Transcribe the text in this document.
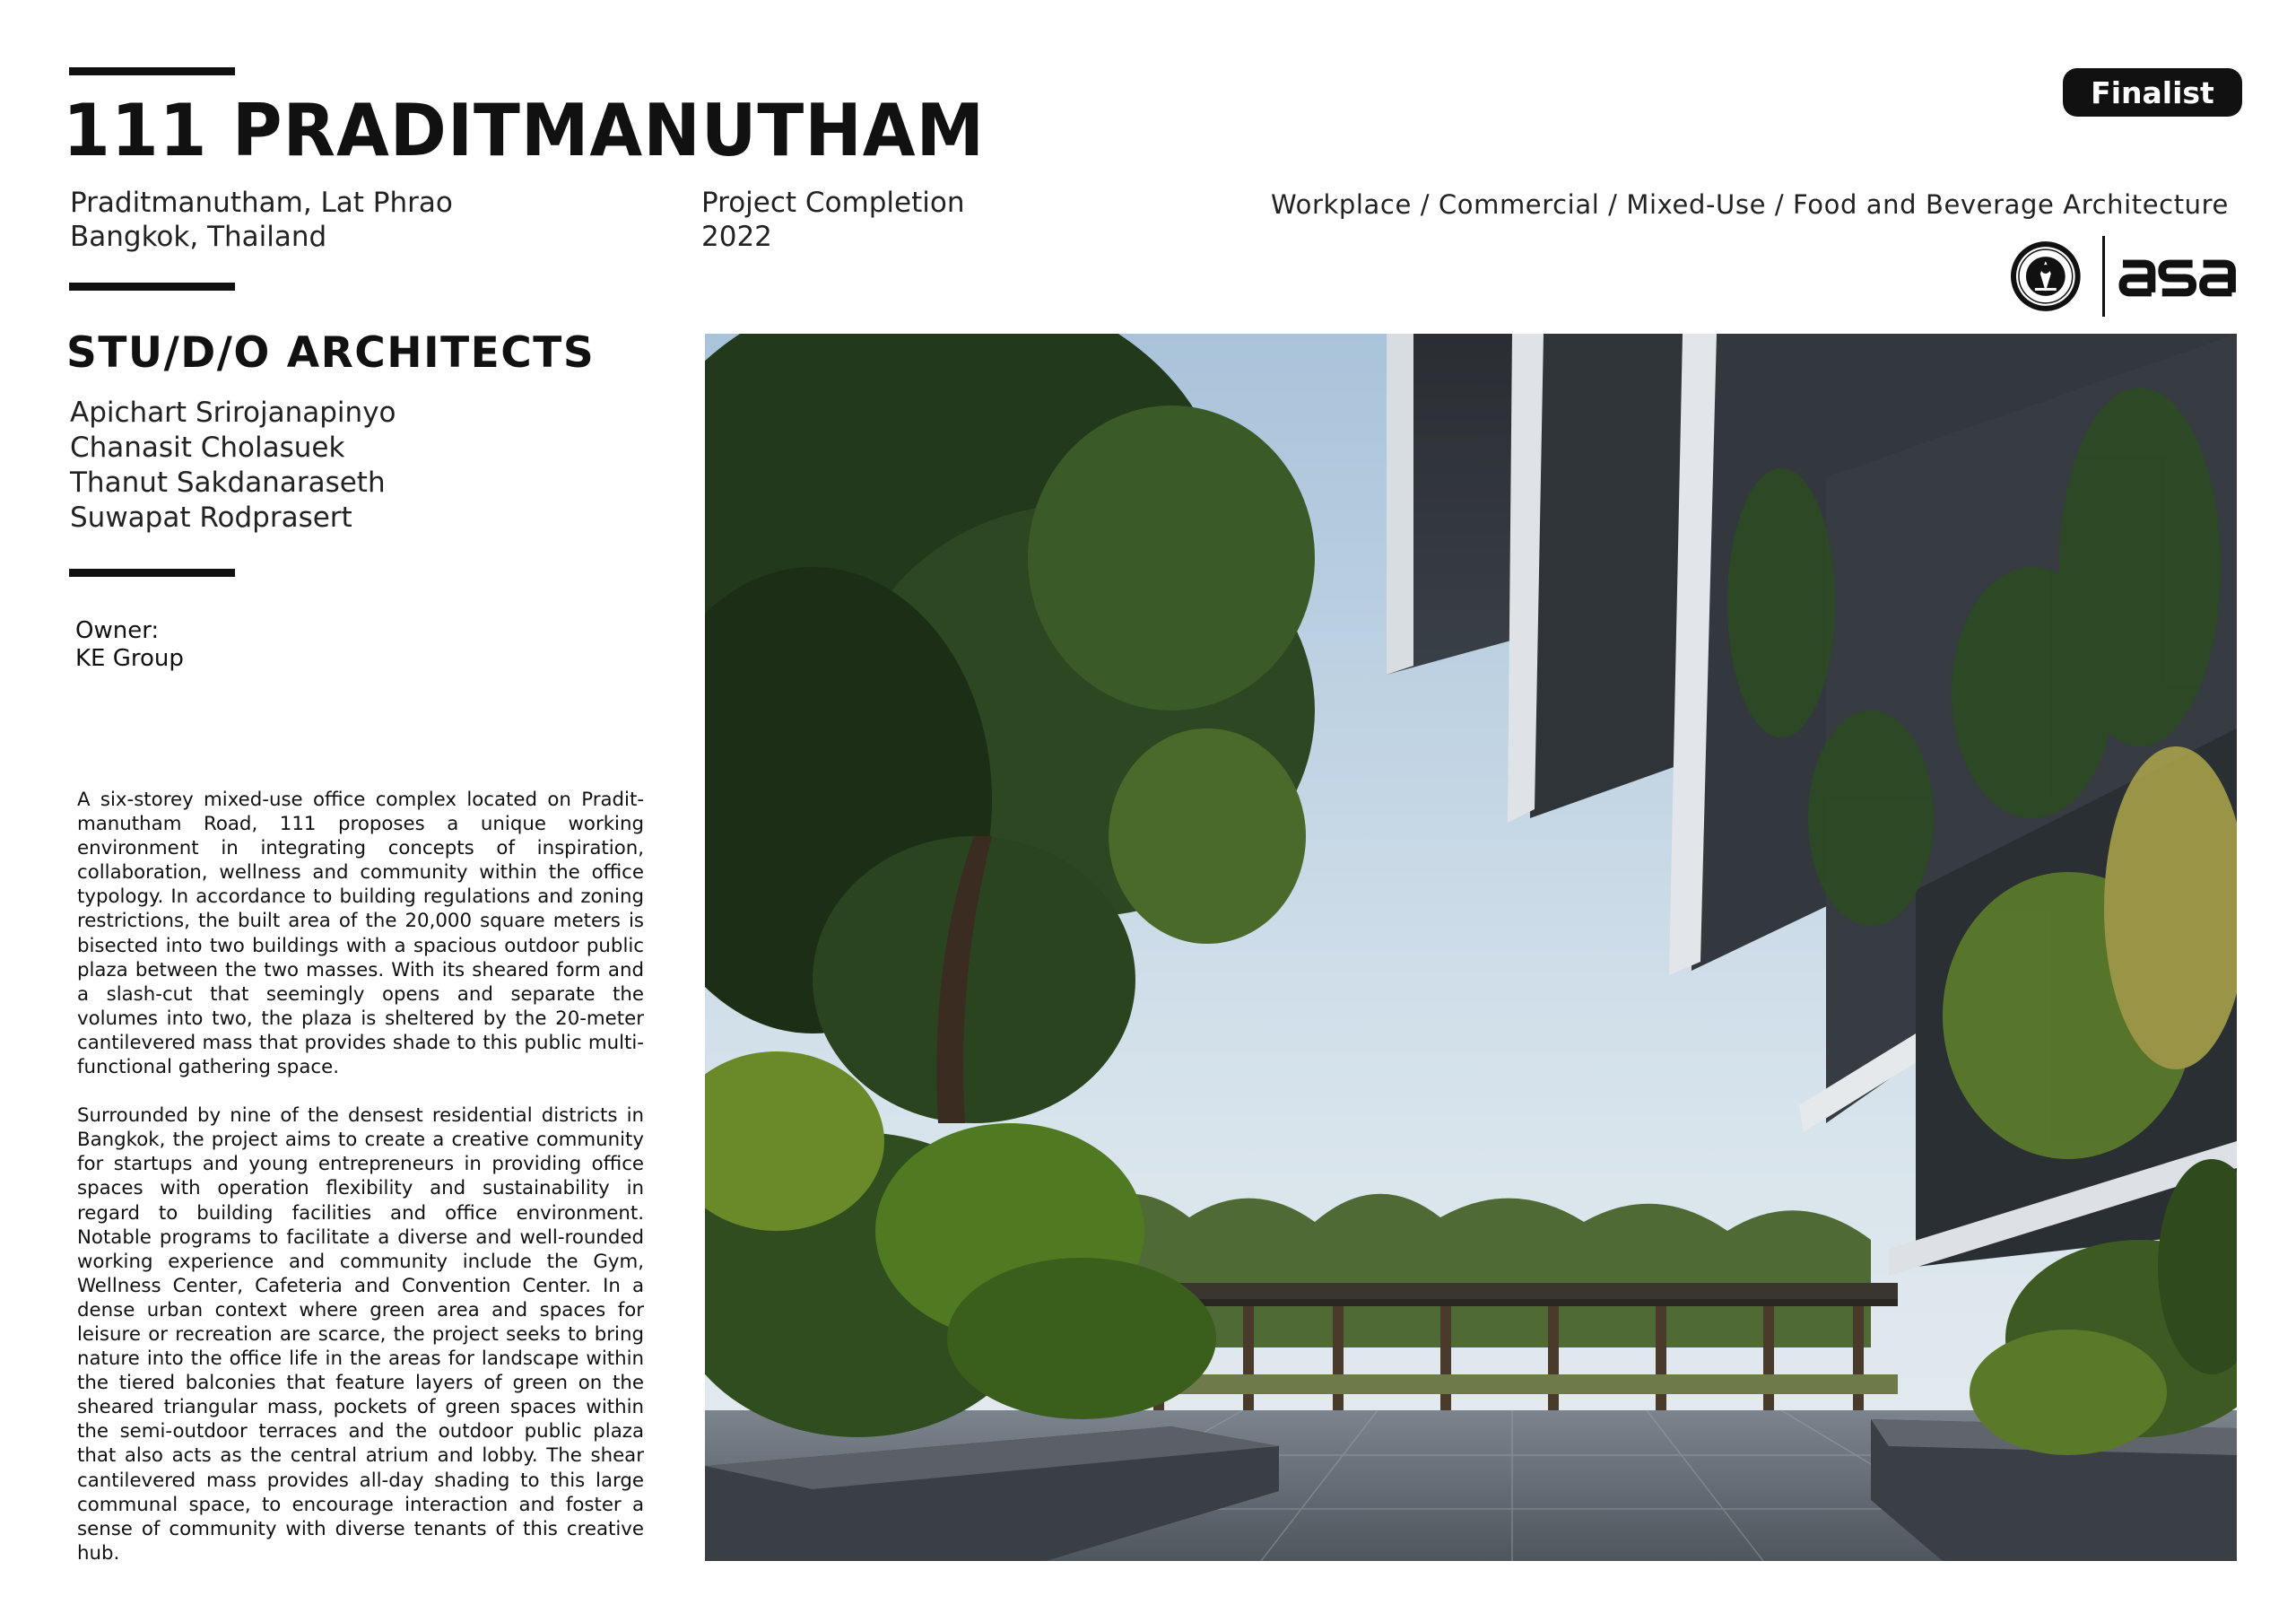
111 PRADITMANUTHAM	Finalist
Praditmanutham, Lat Phrao
Bangkok, Thailand
Project Completion
2022
Workplace / Commercial / Mixed-Use / Food and Beverage Architecture
STU/D/O ARCHITECTS
Apichart Srirojanapinyo
Chanasit Cholasuek
Thanut Sakdanaraseth
Suwapat Rodprasert
Owner:
KE Group

A six-storey mixed-use office complex located on Praditmanutham Road, 111 proposes a unique working environment in integrating concepts of inspiration, collaboration, wellness and community within the office typology. In accordance to building regulations and zoning restrictions, the built area of the 20,000 square meters is bisected into two buildings with a spacious outdoor public plaza between the two masses. With its sheared form and a slash-cut that seemingly opens and separate the volumes into two, the plaza is sheltered by the 20-meter cantilevered mass that provides shade to this public multi-functional gathering space.

Surrounded by nine of the densest residential districts in Bangkok, the project aims to create a creative community for startups and young entrepreneurs in providing office spaces with operation flexibility and sustainability in regard to building facilities and office environment. Notable programs to facilitate a diverse and well-rounded working experience and community include the Gym, Wellness Center, Cafeteria and Convention Center. In a dense urban context where green area and spaces for leisure or recreation are scarce, the project seeks to bring nature into the office life in the areas for landscape within the tiered balconies that feature layers of green on the sheared triangular mass, pockets of green spaces within the semi-outdoor terraces and the outdoor public plaza that also acts as the central atrium and lobby. The shear cantilevered mass provides all-day shading to this large communal space, to encourage interaction and foster a sense of community with diverse tenants of this creative hub.
